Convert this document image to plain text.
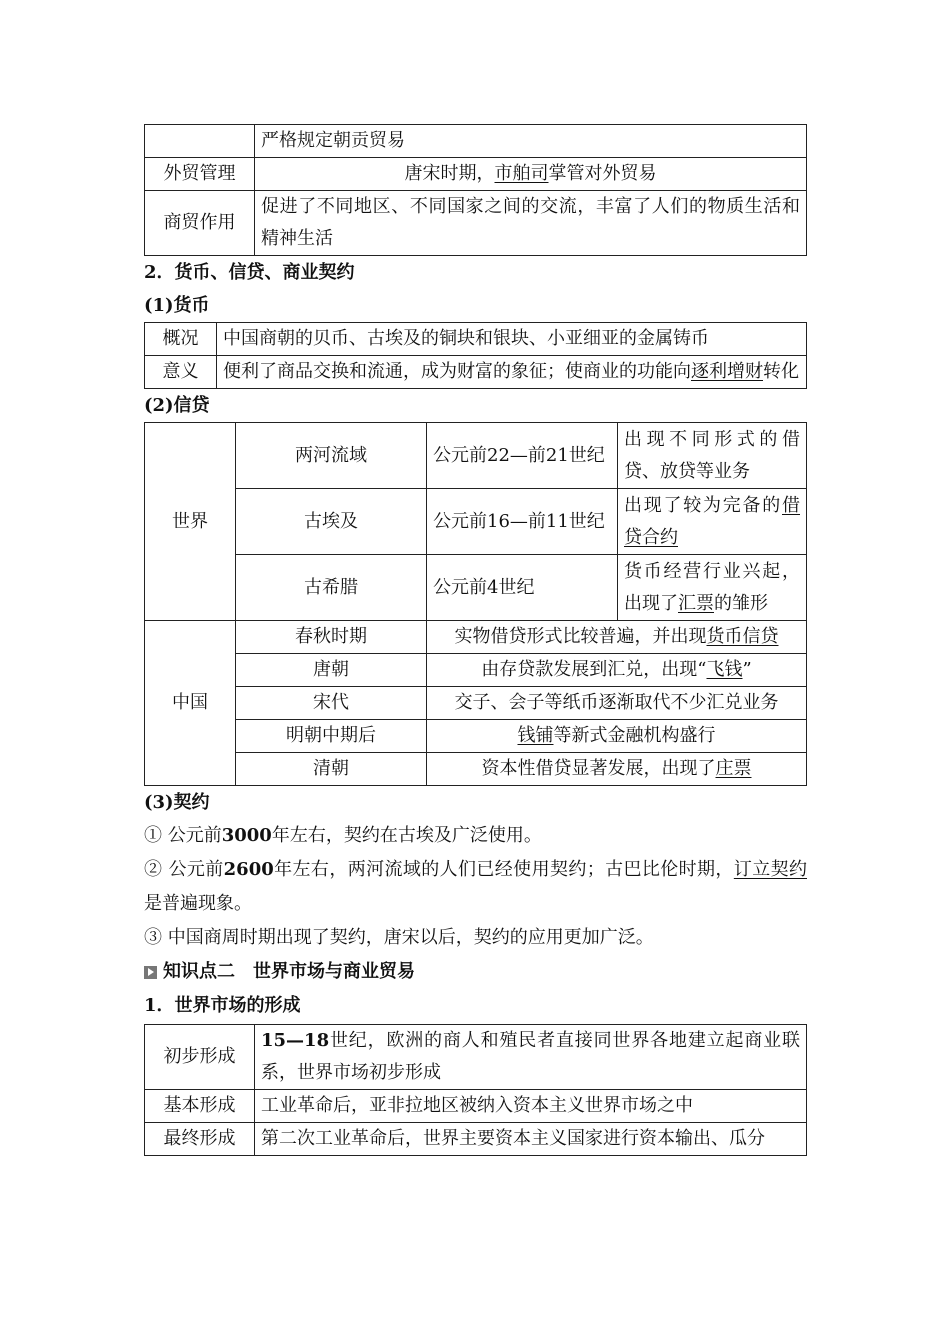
	严格规定朝贡贸易
外贸管理	唐宋时期，市舶司掌管对外贸易
商贸作用	促进了不同地区、不同国家之间的交流，丰富了人们的物质生活和精神生活
2．货币、信贷、商业契约
(1)货币
概况	中国商朝的贝币、古埃及的铜块和银块、小亚细亚的金属铸币
意义	便利了商品交换和流通，成为财富的象征；使商业的功能向逐利增财转化
(2)信贷
世界	两河流域	公元前22—前21世纪	出现不同形式的借贷、放贷等业务
	古埃及	公元前16—前11世纪	出现了较为完备的借贷合约
	古希腊	公元前4世纪	货币经营行业兴起，出现了汇票的雏形
中国	春秋时期	实物借贷形式比较普遍，并出现货币信贷	
	唐朝	由存贷款发展到汇兑，出现“飞钱”	
	宋代	交子、会子等纸币逐渐取代不少汇兑业务	
	明朝中期后	钱铺等新式金融机构盛行	
	清朝	资本性借贷显著发展，出现了庄票	
(3)契约
① 公元前3000年左右，契约在古埃及广泛使用。
② 公元前2600年左右，两河流域的人们已经使用契约；古巴比伦时期，订立契约是普遍现象。
③ 中国商周时期出现了契约，唐宋以后，契约的应用更加广泛。
知识点二　世界市场与商业贸易
1．世界市场的形成
初步形成	15—18世纪，欧洲的商人和殖民者直接同世界各地建立起商业联系，世界市场初步形成
基本形成	工业革命后，亚非拉地区被纳入资本主义世界市场之中
最终形成	第二次工业革命后，世界主要资本主义国家进行资本输出、瓜分
